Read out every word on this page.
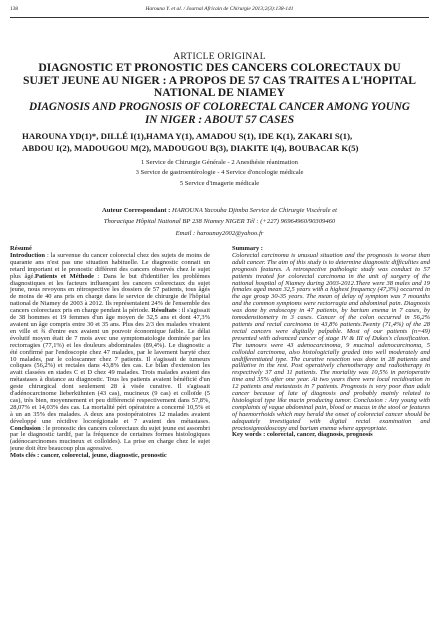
138	Harouna Y. et al. / Journal Africain de Chirurgie 2013;2(3):138-141
ARTICLE ORIGINAL
DIAGNOSTIC ET PRONOSTIC DES CANCERS COLORECTAUX DU SUJET JEUNE AU NIGER : A PROPOS DE 57 CAS TRAITES A L'HOPITAL NATIONAL DE NIAMEY
DIAGNOSIS AND PROGNOSIS OF COLORECTAL CANCER AMONG YOUNG IN NIGER : ABOUT 57 CASES
HAROUNA YD(1)*, DILLÉ I(1),HAMA Y(1), AMADOU S(1), IDE K(1), ZAKARI S(1),
ABDOU I(2), MADOUGOU M(2), MADOUGOU B(3), DIAKITE I(4), BOUBACAR K(5)
1 Service de Chirurgie Générale - 2 Anesthésie réanimation
3 Service de gastroentérologie - 4 Service d'oncologie médicale
5 Service d'imagerie médicale
Auteur Correspondant : HAROUNA Yacouba Djimba Service de Chirurgie Viscérale et
Thoracique Hôpital National BP 238 Niamey NIGER Tél : (+227) 96964960/90309460
Email : harounay2002@yahoo.fr

Résumé

Introduction : la survenue du cancer colorectal chez des sujets de moins de quarante ans n'est pas une situation habituelle. Le diagnostic connait un retard important et le pronostic différent des cancers observés chez le sujet plus âgé.Patients et Méthode : Dans le but d'identifier les problèmes diagnostiques et les facteurs influençant les cancers colorectaux du sujet jeune, nous revoyons en rétrospective les dossiers de 57 patients, tous âgés de moins de 40 ans pris en charge dans le service de chirurgie de l'hôpital national de Niamey de 2003 à 2012. Ils représentaient 24% de l'ensemble des cancers colorectaux pris en charge pendant la période. Résultats : il s'agissait de 38 hommes et 19 femmes d'un âge moyen de 32,5 ans et dont 47,3% avaient un âge compris entre 30 et 35 ans. Plus des 2/3 des malades vivaient en ville et ¾ d'entre eux avaient un pouvoir économique faible. Le délai évolutif moyen était de 7 mois avec une symptomatologie dominée par les rectorragies (77,1%) et les douleurs abdominales (89,4%). Le diagnostic a été confirmé par l'endoscopie chez 47 malades, par le lavement baryté chez 10 malades, par le coloscanner chez 7 patients. Il s'agissait de tumeurs coliques (56,2%) et rectales dans 43,8% des cas. Le bilan d'extension les avait classées en stades C et D chez 49 malades. Trois malades avaient des métastases à distance au diagnostic. Tous les patients avaient bénéficié d'un geste chirurgical dont seulement 28 à visée curative. Il s'agissait d'adénocarcinome lieberkühnien (43 cas), mucineux (9 cas) et colloïde (5 cas), très bien, moyennement et peu différencié respectivement dans 57,8%, 28,07% et 14,03% des cas. La mortalité péri opératoire a concerné 10,5% et à un an 35% des malades. A deux ans postopératoires 12 malades avaient développé une récidive locorégionale et 7 avaient des métastases. Conclusion : le pronostic des cancers colorectaux du sujet jeune est assombri par le diagnostic tardif, par la fréquence de certaines formes histologiques (adénocarcinomes mucineux et colloïdes). La prise en charge chez le sujet jeune doit être beaucoup plus agressive.

Mots clés : cancer, colorectal, jeune, diagnostic, pronostic

Summary :

Colorectal carcinoma is unusual situation and the prognosis is worse than adult cancer. The aim of this study is to determine diagnostic difficulties and prognosis features. A retrospective pathologic study was conduct to 57 patients treated for colorectal carcinoma in the unit of surgery of the national hospital of Niamey during 2003-2012.There were 38 males and 19 females aged mean 32,5 years with a highest frequency (47,3%) occurred in the age group 30-35 years. The mean of delay of symptom was 7 mounths and the common symptoms were rectorragia and abdominal pain. Diagnosis was done by endoscopy in 47 patients, by barium enema in 7 cases, by tomodensitometry in 3 cases. Cancer of the colon occurred in 56,2% patients and rectal carcinoma in 43,8% patients.Twenty (71,4%) of the 28 rectal cancers were digitally palpable. Most of our patients (n=49) presented with advanced cancer of stage IV & III of Dukes's classification. The tumours were 43 adenocarcinoma, 9 mucinal adenocarcinoma, 5 colloidal carcinoma, also histologicially graded into well moderately and undifferentiated type. The curative resection was done in 28 patients and palliative in the rest. Post operatively chemotherapy and radiotherapy in respectively 37 and 11 patients. The mortality was 10,5% in perioperativ time and 35% after one year. At two years there were local recidivation in 12 patients and metastasis in 7 patients. Prognosis is very poor than adult cancer because of late of diagnosis and probably mainly related to histological type like mucin producing tumor. Conclusion : Any young with complaints of vague abdominal pain, blood or mucus in the stool or features of haemorrhoids which may herald the onset of colorectal cancer should be adequately investigated with digital rectal examination and proctosigmoidoscopy and barium enema where appropriate.

Key words : colorectal, cancer, diagnosis, prognosis
